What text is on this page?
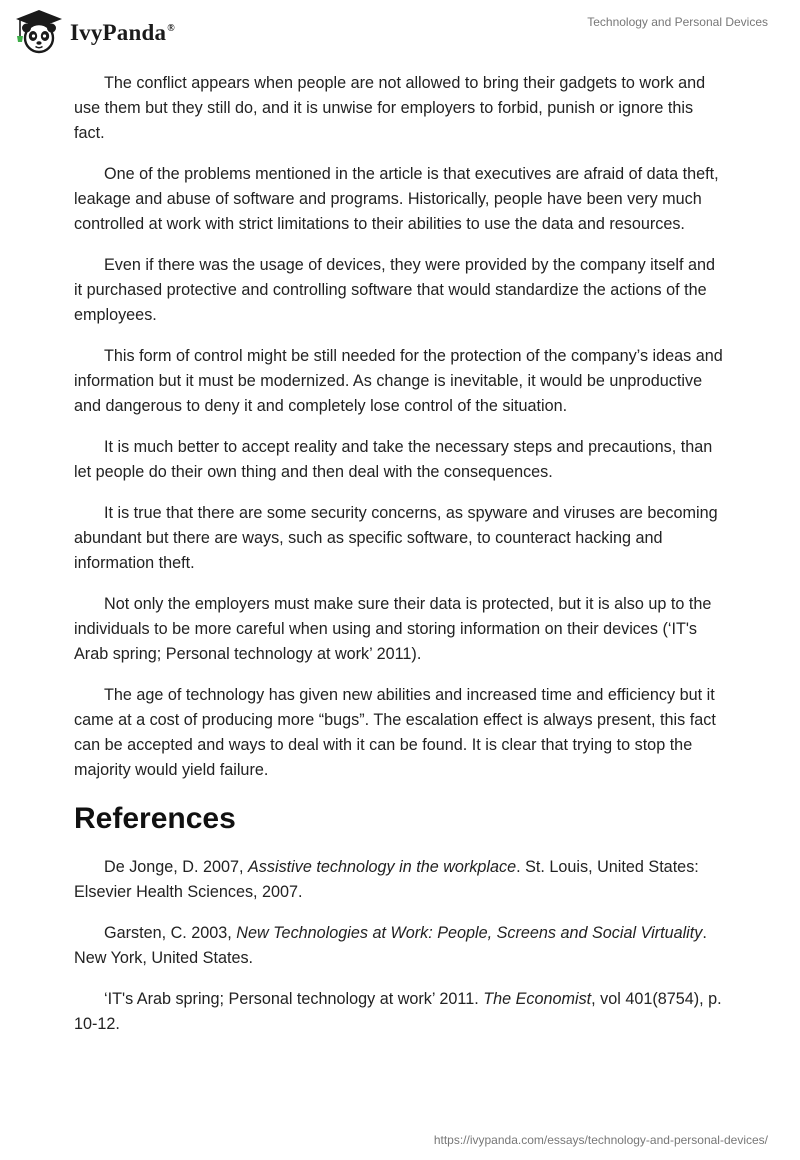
IvyPanda®	Technology and Personal Devices

The conflict appears when people are not allowed to bring their gadgets to work and use them but they still do, and it is unwise for employers to forbid, punish or ignore this fact.

One of the problems mentioned in the article is that executives are afraid of data theft, leakage and abuse of software and programs. Historically, people have been very much controlled at work with strict limitations to their abilities to use the data and resources.

Even if there was the usage of devices, they were provided by the company itself and it purchased protective and controlling software that would standardize the actions of the employees.

This form of control might be still needed for the protection of the company’s ideas and information but it must be modernized. As change is inevitable, it would be unproductive and dangerous to deny it and completely lose control of the situation.

It is much better to accept reality and take the necessary steps and precautions, than let people do their own thing and then deal with the consequences.

It is true that there are some security concerns, as spyware and viruses are becoming abundant but there are ways, such as specific software, to counteract hacking and information theft.

Not only the employers must make sure their data is protected, but it is also up to the individuals to be more careful when using and storing information on their devices (‘IT's Arab spring; Personal technology at work’ 2011).

The age of technology has given new abilities and increased time and efficiency but it came at a cost of producing more “bugs”. The escalation effect is always present, this fact can be accepted and ways to deal with it can be found. It is clear that trying to stop the majority would yield failure.

References

De Jonge, D. 2007, Assistive technology in the workplace. St. Louis, United States: Elsevier Health Sciences, 2007.

Garsten, C. 2003, New Technologies at Work: People, Screens and Social Virtuality. New York, United States.

‘IT's Arab spring; Personal technology at work’ 2011. The Economist, vol 401(8754), p. 10-12.

https://ivypanda.com/essays/technology-and-personal-devices/
